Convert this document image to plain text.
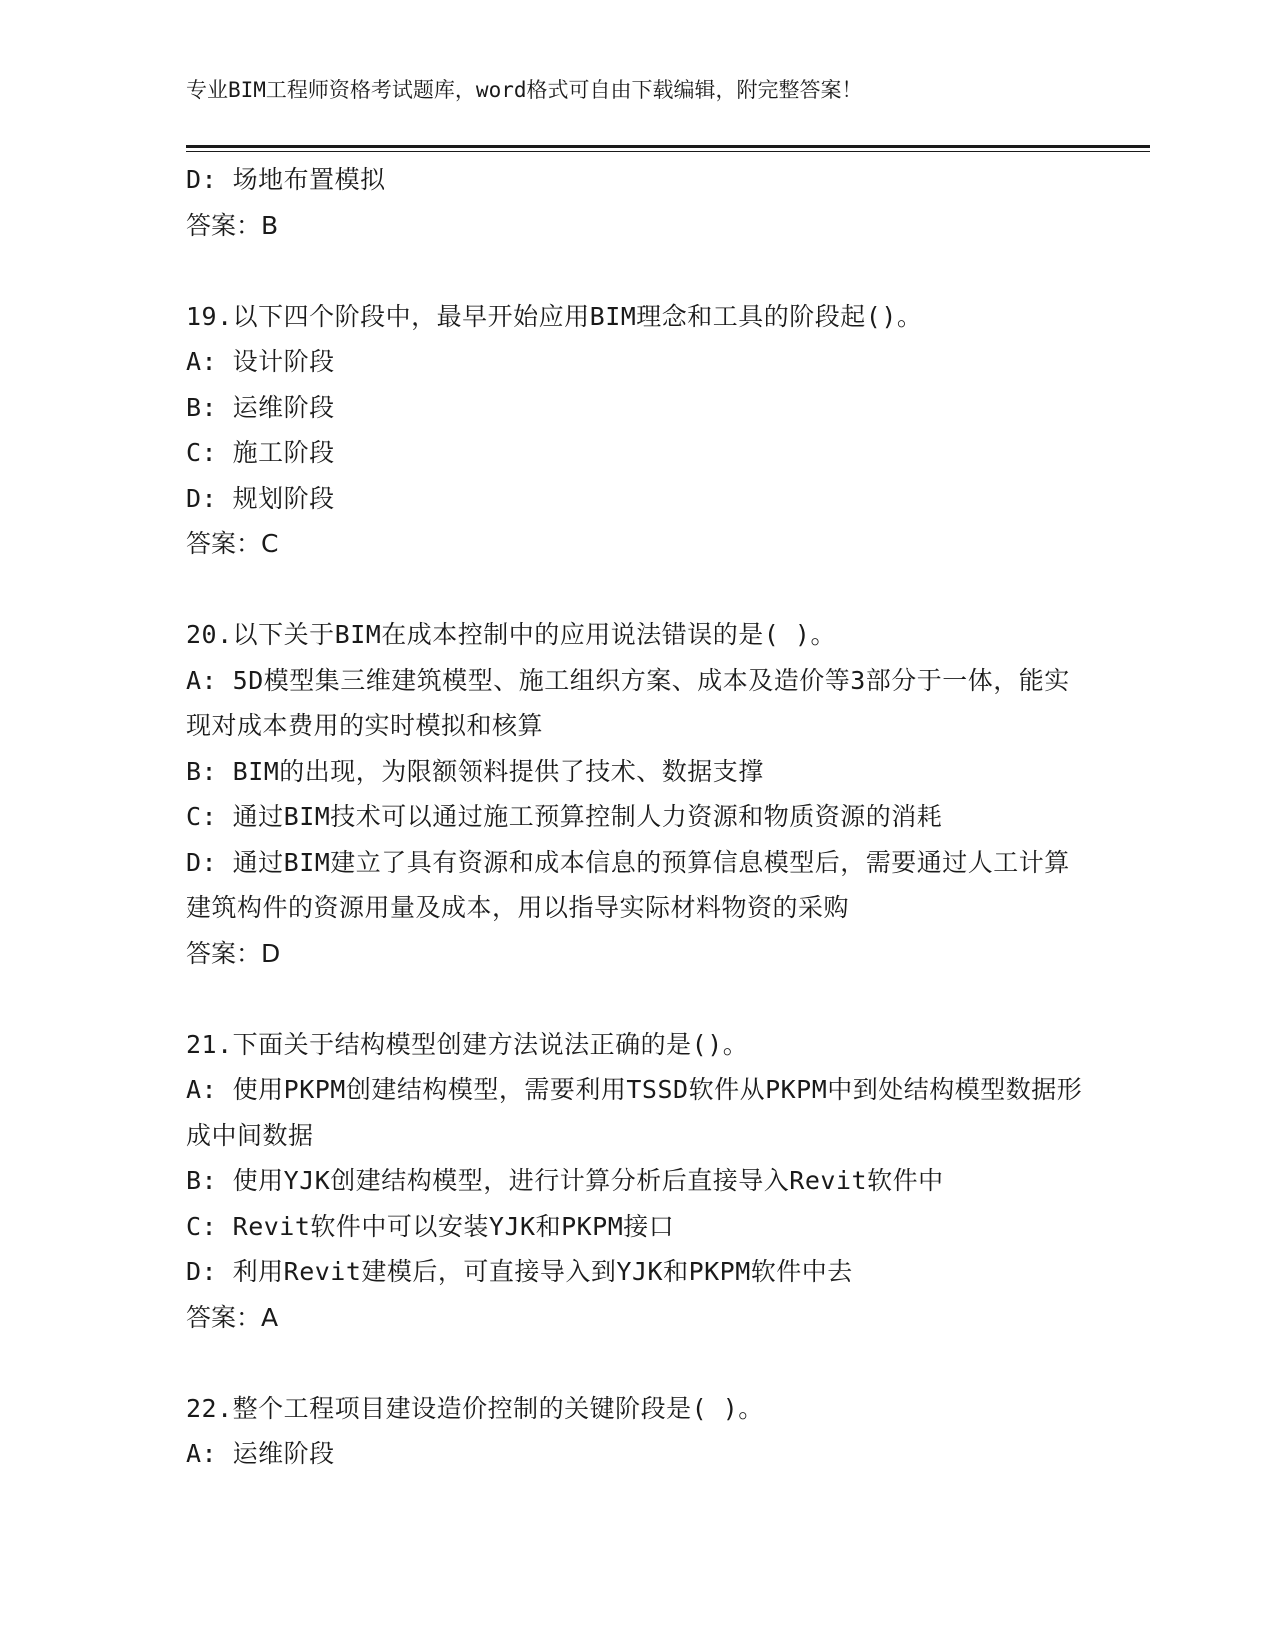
专业BIM工程师资格考试题库，word格式可自由下载编辑，附完整答案！
D: 场地布置模拟
答案：B
19.以下四个阶段中，最早开始应用BIM理念和工具的阶段起()。
A: 设计阶段
B: 运维阶段
C: 施工阶段
D: 规划阶段
答案：C
20.以下关于BIM在成本控制中的应用说法错误的是( )。
A: 5D模型集三维建筑模型、施工组织方案、成本及造价等3部分于一体，能实现对成本费用的实时模拟和核算
B: BIM的出现，为限额领料提供了技术、数据支撑
C: 通过BIM技术可以通过施工预算控制人力资源和物质资源的消耗
D: 通过BIM建立了具有资源和成本信息的预算信息模型后，需要通过人工计算建筑构件的资源用量及成本，用以指导实际材料物资的采购
答案：D
21.下面关于结构模型创建方法说法正确的是()。
A: 使用PKPM创建结构模型，需要利用TSSD软件从PKPM中到处结构模型数据形成中间数据
B: 使用YJK创建结构模型，进行计算分析后直接导入Revit软件中
C: Revit软件中可以安装YJK和PKPM接口
D: 利用Revit建模后，可直接导入到YJK和PKPM软件中去
答案：A
22.整个工程项目建设造价控制的关键阶段是( )。
A: 运维阶段
